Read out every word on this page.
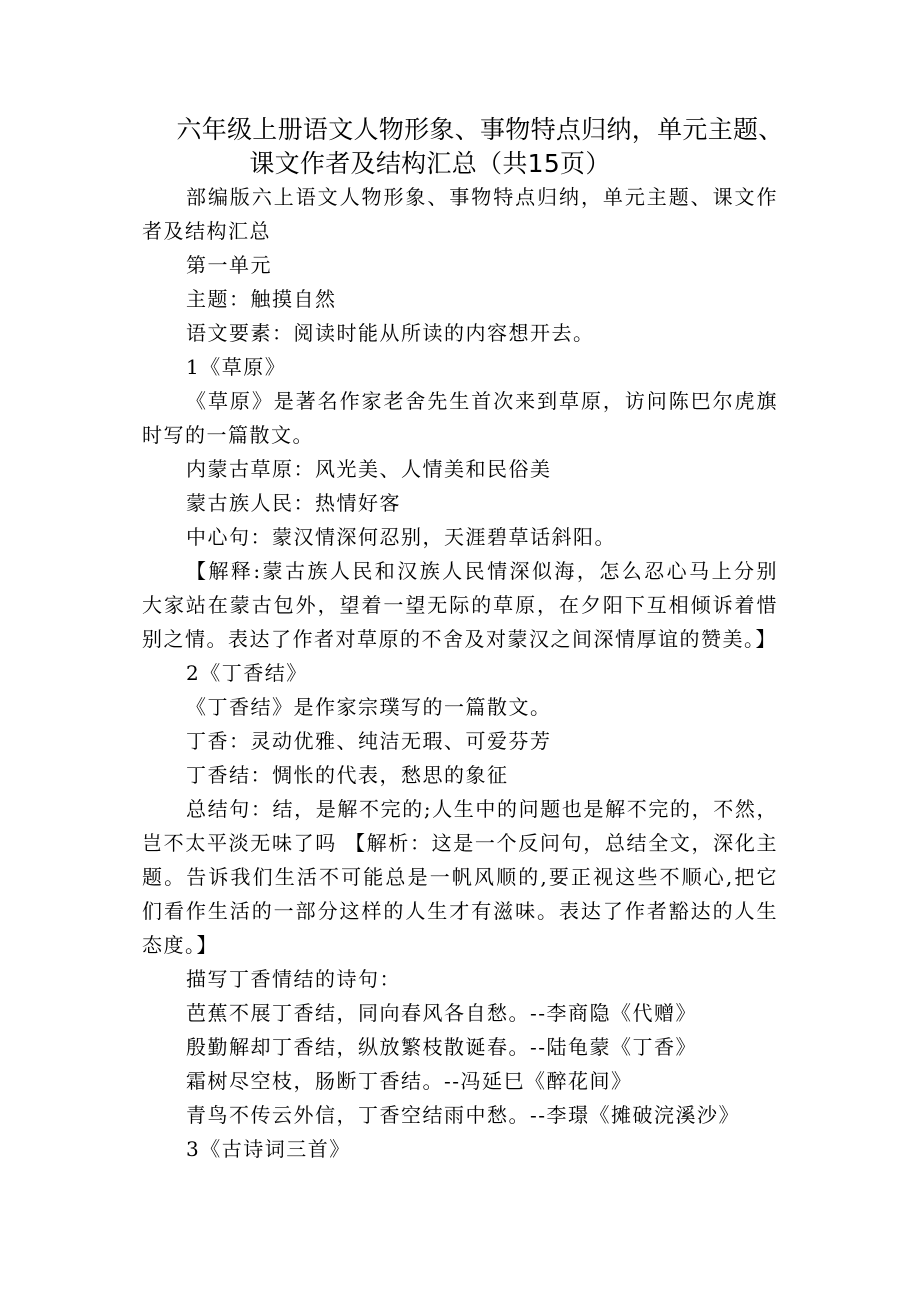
六年级上册语文人物形象、事物特点归纳，单元主题、
课文作者及结构汇总（共15页）

部编版六上语文人物形象、事物特点归纳，单元主题、课文作者及结构汇总

第一单元

主题：触摸自然

语文要素：阅读时能从所读的内容想开去。

1《草原》

《草原》是著名作家老舍先生首次来到草原，访问陈巴尔虎旗时写的一篇散文。

内蒙古草原：风光美、人情美和民俗美

蒙古族人民：热情好客

中心句：蒙汉情深何忍别，天涯碧草话斜阳。

【解释:蒙古族人民和汉族人民情深似海，怎么忍心马上分别 大家站在蒙古包外，望着一望无际的草原，在夕阳下互相倾诉着惜别之情。表达了作者对草原的不舍及对蒙汉之间深情厚谊的赞美。】

2《丁香结》

《丁香结》是作家宗璞写的一篇散文。

丁香：灵动优雅、纯洁无瑕、可爱芬芳

丁香结：惆怅的代表，愁思的象征

总结句：结，是解不完的;人生中的问题也是解不完的，不然，岂不太平淡无味了吗 【解析：这是一个反问句，总结全文，深化主题。告诉我们生活不可能总是一帆风顺的,要正视这些不顺心,把它们看作生活的一部分这样的人生才有滋味。表达了作者豁达的人生态度。】

描写丁香情结的诗句：

芭蕉不展丁香结，同向春风各自愁。--李商隐《代赠》

殷勤解却丁香结，纵放繁枝散诞春。--陆龟蒙《丁香》

霜树尽空枝，肠断丁香结。--冯延巳《醉花间》

青鸟不传云外信，丁香空结雨中愁。--李璟《摊破浣溪沙》

3《古诗词三首》
